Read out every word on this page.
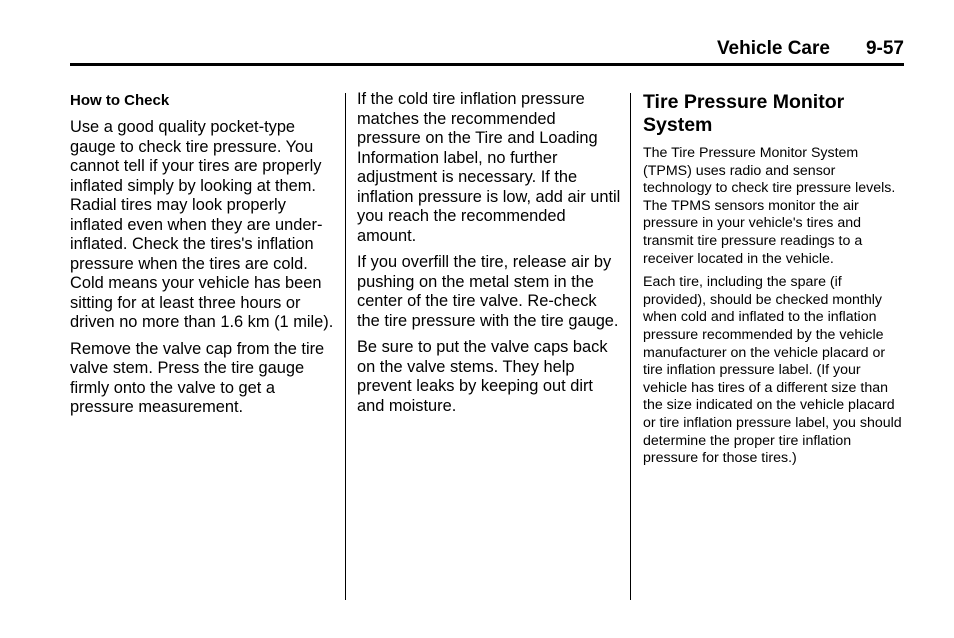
Vehicle Care 9-57
How to Check

Use a good quality pocket-type gauge to check tire pressure. You cannot tell if your tires are properly inflated simply by looking at them. Radial tires may look properly inflated even when they are under-inflated. Check the tires's inflation pressure when the tires are cold. Cold means your vehicle has been sitting for at least three hours or driven no more than 1.6 km (1 mile).

Remove the valve cap from the tire valve stem. Press the tire gauge firmly onto the valve to get a pressure measurement.

If the cold tire inflation pressure matches the recommended pressure on the Tire and Loading Information label, no further adjustment is necessary. If the inflation pressure is low, add air until you reach the recommended amount.

If you overfill the tire, release air by pushing on the metal stem in the center of the tire valve. Re-check the tire pressure with the tire gauge.

Be sure to put the valve caps back on the valve stems. They help prevent leaks by keeping out dirt and moisture.

Tire Pressure Monitor System

The Tire Pressure Monitor System (TPMS) uses radio and sensor technology to check tire pressure levels. The TPMS sensors monitor the air pressure in your vehicle's tires and transmit tire pressure readings to a receiver located in the vehicle.

Each tire, including the spare (if provided), should be checked monthly when cold and inflated to the inflation pressure recommended by the vehicle manufacturer on the vehicle placard or tire inflation pressure label. (If your vehicle has tires of a different size than the size indicated on the vehicle placard or tire inflation pressure label, you should determine the proper tire inflation pressure for those tires.)
